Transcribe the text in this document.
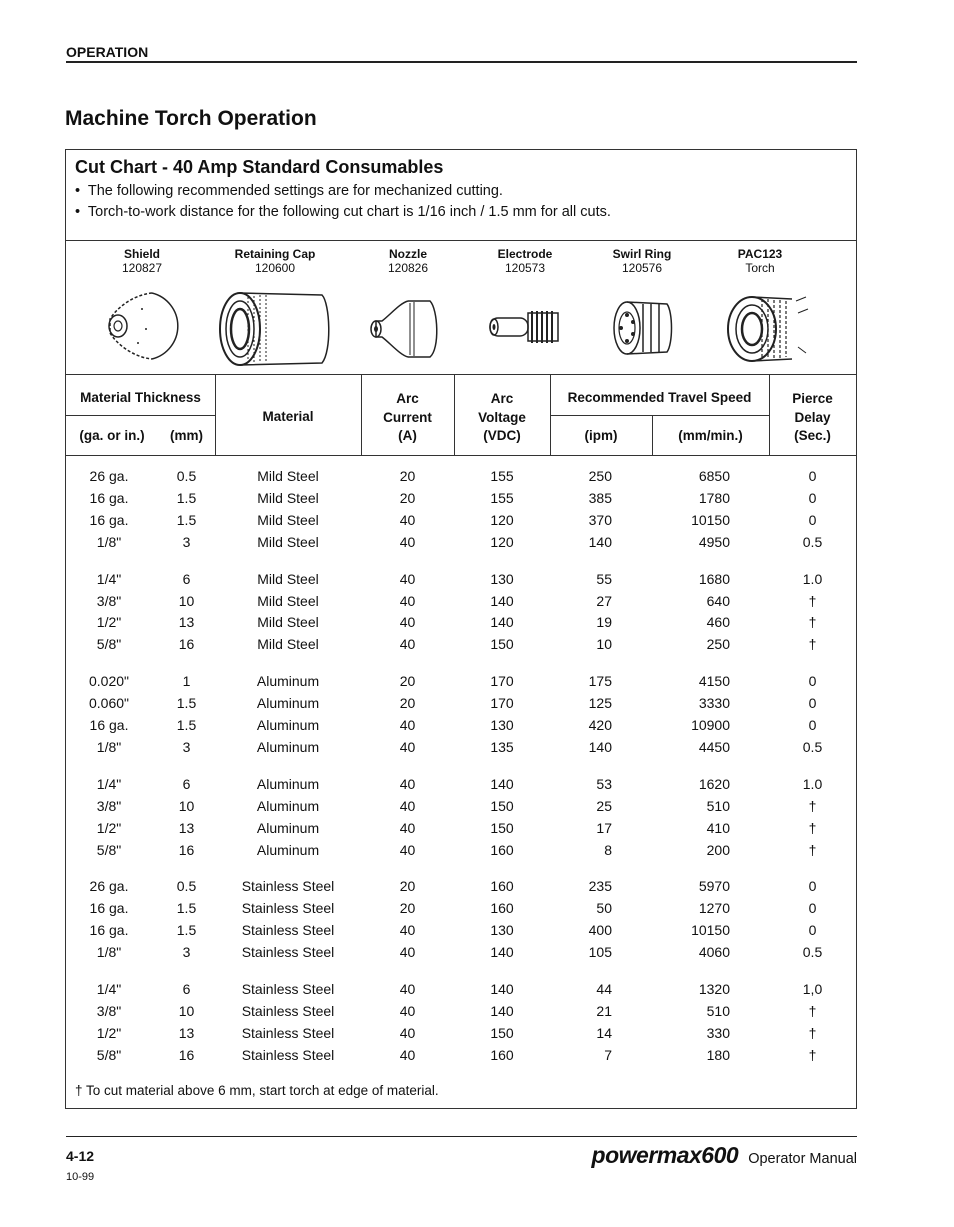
OPERATION
Machine Torch Operation
Cut Chart - 40 Amp Standard Consumables
•  The following recommended settings are for mechanized cutting.
•  Torch-to-work distance for the following cut chart is 1/16 inch / 1.5 mm for all cuts.
Shield
120827
Retaining Cap
120600
Nozzle
120826
Electrode
120573
Swirl Ring
120576
PAC123
Torch
Material Thickness
(ga. or in.)	(mm)
Material
Arc
Current
(A)
Arc
Voltage
(VDC)
Recommended Travel Speed
(ipm)	(mm/min.)
Pierce
Delay
(Sec.)
26 ga.	0.5	Mild Steel	20	155	250	6850	0
16 ga.	1.5	Mild Steel	20	155	385	1780	0
16 ga.	1.5	Mild Steel	40	120	370	10150	0
1/8"	3	Mild Steel	40	120	140	4950	0.5
1/4"	6	Mild Steel	40	130	55	1680	1.0
3/8"	10	Mild Steel	40	140	27	640	†
1/2"	13	Mild Steel	40	140	19	460	†
5/8"	16	Mild Steel	40	150	10	250	†
0.020"	1	Aluminum	20	170	175	4150	0
0.060"	1.5	Aluminum	20	170	125	3330	0
16 ga.	1.5	Aluminum	40	130	420	10900	0
1/8"	3	Aluminum	40	135	140	4450	0.5
1/4"	6	Aluminum	40	140	53	1620	1.0
3/8"	10	Aluminum	40	150	25	510	†
1/2"	13	Aluminum	40	150	17	410	†
5/8"	16	Aluminum	40	160	8	200	†
26 ga.	0.5	Stainless Steel	20	160	235	5970	0
16 ga.	1.5	Stainless Steel	20	160	50	1270	0
16 ga.	1.5	Stainless Steel	40	130	400	10150	0
1/8"	3	Stainless Steel	40	140	105	4060	0.5
1/4"	6	Stainless Steel	40	140	44	1320	1,0
3/8"	10	Stainless Steel	40	140	21	510	†
1/2"	13	Stainless Steel	40	150	14	330	†
5/8"	16	Stainless Steel	40	160	7	180	†
† To cut material above 6 mm, start torch at edge of material.
4-12
10-99
powermax600 Operator Manual
